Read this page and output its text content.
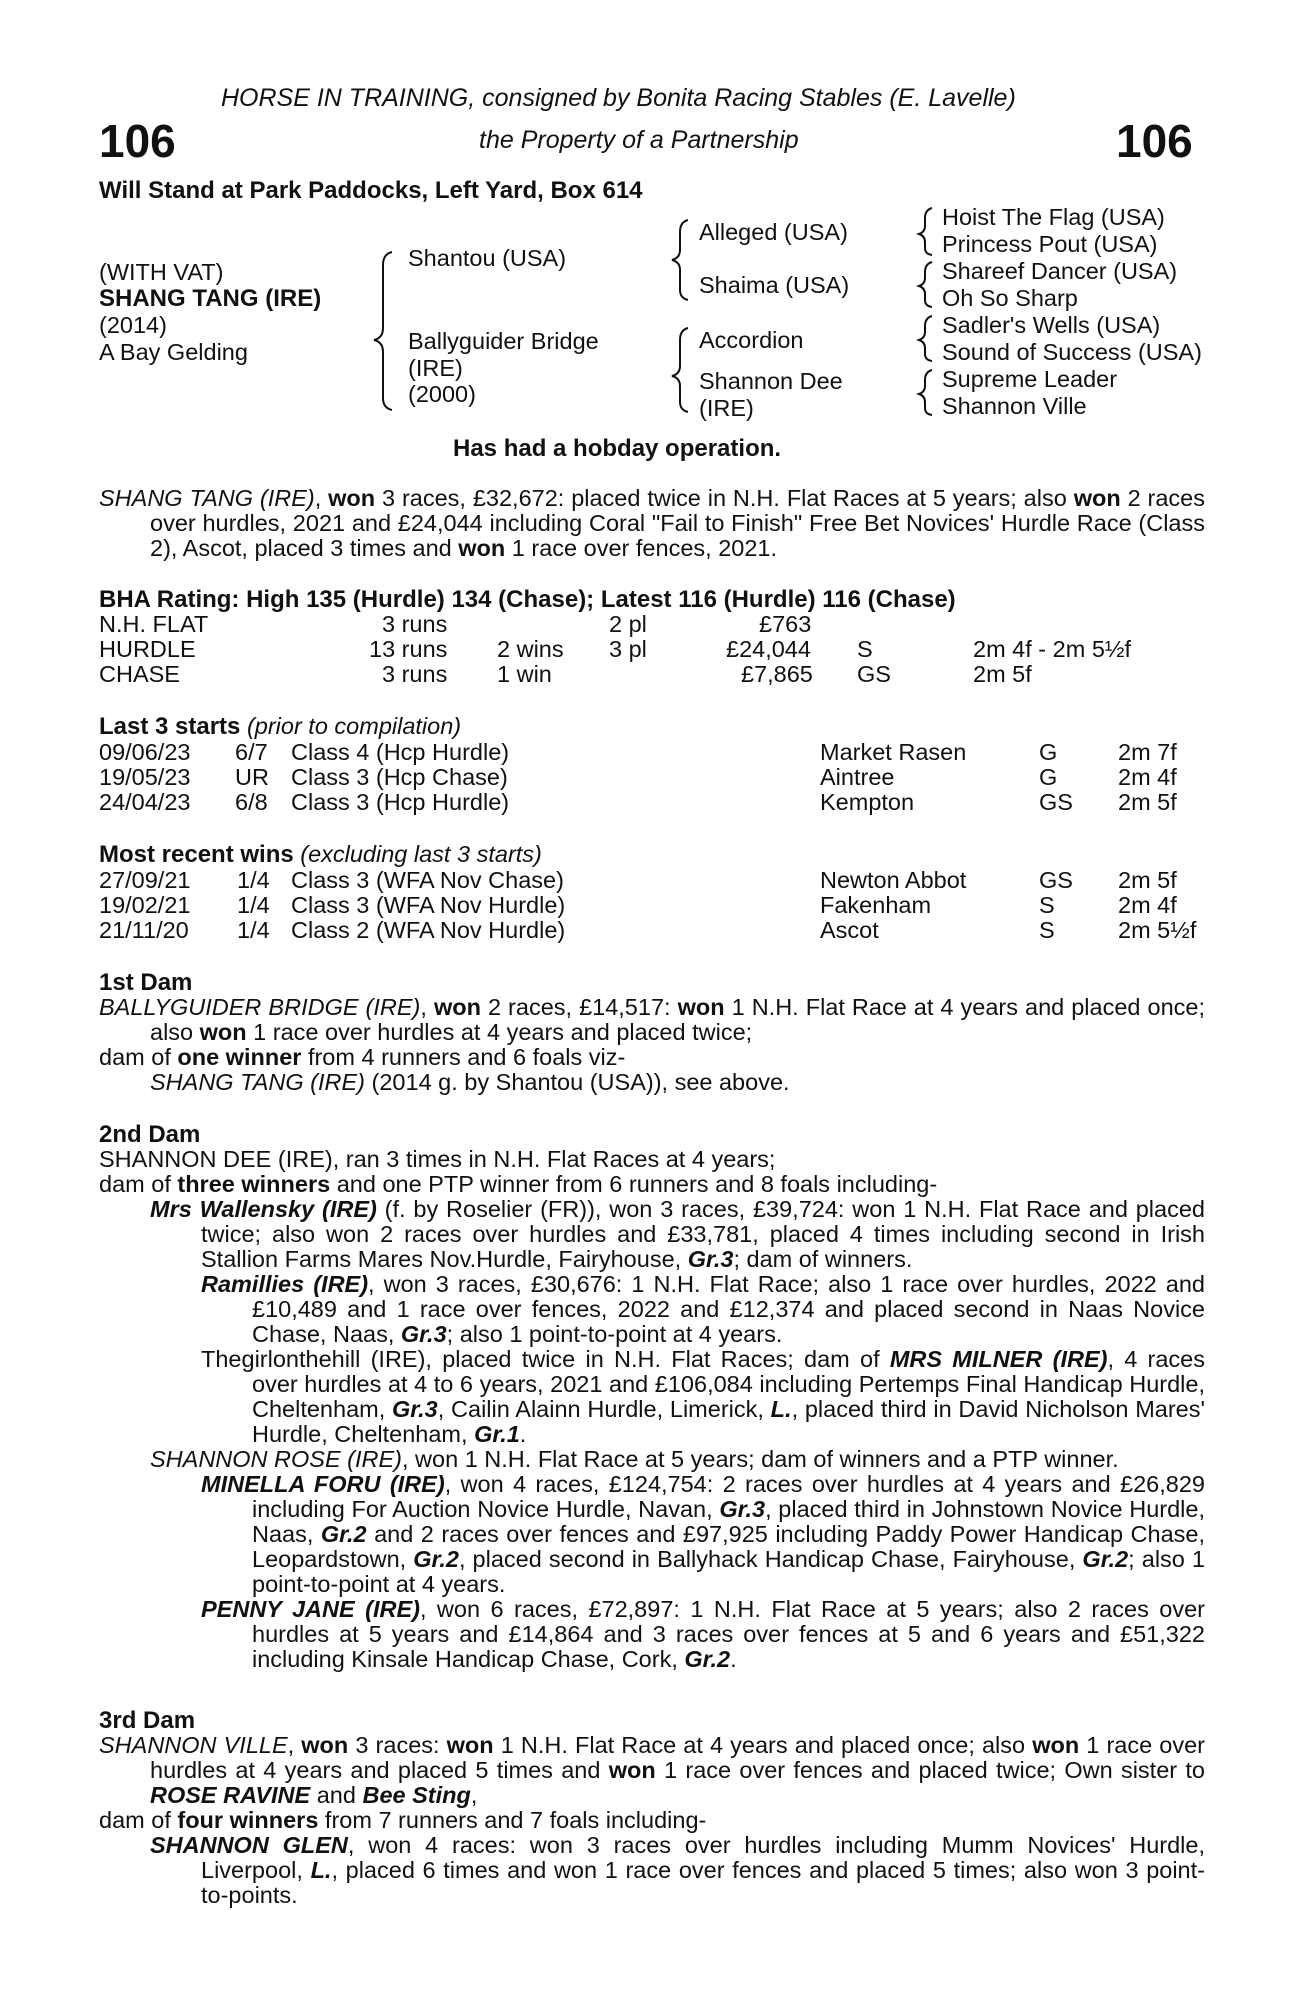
HORSE IN TRAINING, consigned by Bonita Racing Stables (E. Lavelle)
106	the Property of a Partnership	106
Will Stand at Park Paddocks, Left Yard, Box 614
(WITH VAT)
SHANG TANG (IRE)
(2014)
A Bay Gelding
Shantou (USA)
Ballyguider Bridge
(IRE)
(2000)
Alleged (USA)
Shaima (USA)
Accordion
Shannon Dee
(IRE)
Hoist The Flag (USA)
Princess Pout (USA)
Shareef Dancer (USA)
Oh So Sharp
Sadler's Wells (USA)
Sound of Success (USA)
Supreme Leader
Shannon Ville
Has had a hobday operation.

SHANG TANG (IRE), won 3 races, £32,672: placed twice in N.H. Flat Races at 5 years; also won 2 races over hurdles, 2021 and £24,044 including Coral "Fail to Finish" Free Bet Novices' Hurdle Race (Class 2), Ascot, placed 3 times and won 1 race over fences, 2021.

BHA Rating: High 135 (Hurdle) 134 (Chase); Latest 116 (Hurdle) 116 (Chase)
N.H. FLAT	3 runs	2 pl	£763
HURDLE	13 runs 2 wins 3 pl	£24,044 S	2m 4f - 2m 5½f
CHASE	3 runs 1 win	£7,865 GS	2m 5f
Last 3 starts (prior to compilation)
09/06/23 6/7 Class 4 (Hcp Hurdle)	Market Rasen	G	2m 7f
19/05/23 UR Class 3 (Hcp Chase)	Aintree	G	2m 4f
24/04/23 6/8 Class 3 (Hcp Hurdle)	Kempton	GS 2m 5f
Most recent wins (excluding last 3 starts)
27/09/21 1/4 Class 3 (WFA Nov Chase)	Newton Abbot	GS 2m 5f
19/02/21 1/4 Class 3 (WFA Nov Hurdle)	Fakenham	S	2m 4f
21/11/20 1/4 Class 2 (WFA Nov Hurdle)	Ascot	S	2m 5½f
1st Dam

BALLYGUIDER BRIDGE (IRE), won 2 races, £14,517: won 1 N.H. Flat Race at 4 years and placed once; also won 1 race over hurdles at 4 years and placed twice;

dam of one winner from 4 runners and 6 foals viz-

SHANG TANG (IRE) (2014 g. by Shantou (USA)), see above.

2nd Dam

SHANNON DEE (IRE), ran 3 times in N.H. Flat Races at 4 years;

dam of three winners and one PTP winner from 6 runners and 8 foals including-

Mrs Wallensky (IRE) (f. by Roselier (FR)), won 3 races, £39,724: won 1 N.H. Flat Race and placed twice; also won 2 races over hurdles and £33,781, placed 4 times including second in Irish Stallion Farms Mares Nov.Hurdle, Fairyhouse, Gr.3; dam of winners.

Ramillies (IRE), won 3 races, £30,676: 1 N.H. Flat Race; also 1 race over hurdles, 2022 and £10,489 and 1 race over fences, 2022 and £12,374 and placed second in Naas Novice Chase, Naas, Gr.3; also 1 point-to-point at 4 years.

Thegirlonthehill (IRE), placed twice in N.H. Flat Races; dam of MRS MILNER (IRE), 4 races over hurdles at 4 to 6 years, 2021 and £106,084 including Pertemps Final Handicap Hurdle, Cheltenham, Gr.3, Cailin Alainn Hurdle, Limerick, L., placed third in David Nicholson Mares' Hurdle, Cheltenham, Gr.1.

SHANNON ROSE (IRE), won 1 N.H. Flat Race at 5 years; dam of winners and a PTP winner.

MINELLA FORU (IRE), won 4 races, £124,754: 2 races over hurdles at 4 years and £26,829 including For Auction Novice Hurdle, Navan, Gr.3, placed third in Johnstown Novice Hurdle, Naas, Gr.2 and 2 races over fences and £97,925 including Paddy Power Handicap Chase, Leopardstown, Gr.2, placed second in Ballyhack Handicap Chase, Fairyhouse, Gr.2; also 1 point-to-point at 4 years.

PENNY JANE (IRE), won 6 races, £72,897: 1 N.H. Flat Race at 5 years; also 2 races over hurdles at 5 years and £14,864 and 3 races over fences at 5 and 6 years and £51,322 including Kinsale Handicap Chase, Cork, Gr.2.

3rd Dam

SHANNON VILLE, won 3 races: won 1 N.H. Flat Race at 4 years and placed once; also won 1 race over hurdles at 4 years and placed 5 times and won 1 race over fences and placed twice; Own sister to ROSE RAVINE and Bee Sting,

dam of four winners from 7 runners and 7 foals including-

SHANNON GLEN, won 4 races: won 3 races over hurdles including Mumm Novices' Hurdle, Liverpool, L., placed 6 times and won 1 race over fences and placed 5 times; also won 3 point-to-points.
